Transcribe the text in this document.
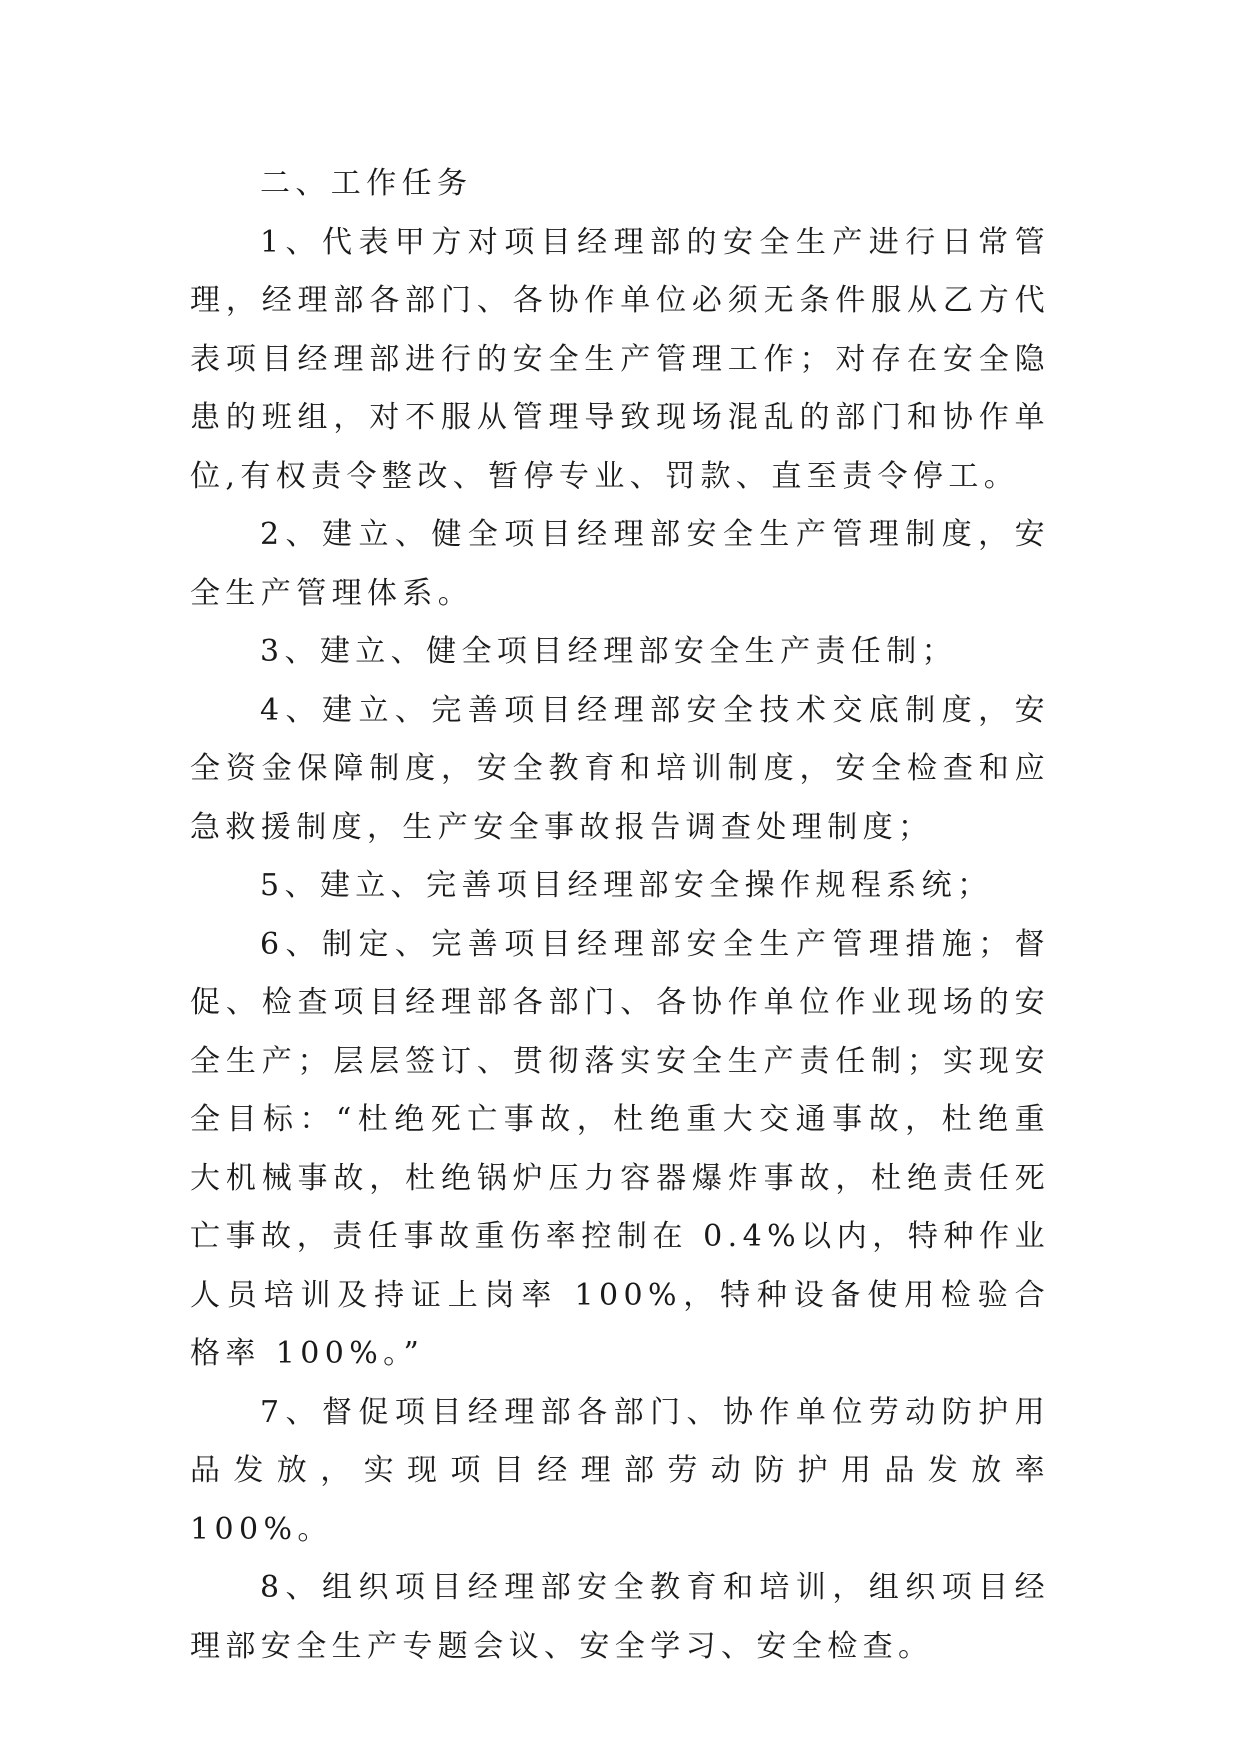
二、工作任务

1、代表甲方对项目经理部的安全生产进行日常管理，经理部各部门、各协作单位必须无条件服从乙方代表项目经理部进行的安全生产管理工作；对存在安全隐患的班组，对不服从管理导致现场混乱的部门和协作单位,有权责令整改、暂停专业、罚款、直至责令停工。

2、建立、健全项目经理部安全生产管理制度，安全生产管理体系。

3、建立、健全项目经理部安全生产责任制；

4、建立、完善项目经理部安全技术交底制度，安全资金保障制度，安全教育和培训制度，安全检查和应急救援制度，生产安全事故报告调查处理制度；

5、建立、完善项目经理部安全操作规程系统；

6、制定、完善项目经理部安全生产管理措施；督促、检查项目经理部各部门、各协作单位作业现场的安全生产；层层签订、贯彻落实安全生产责任制；实现安全目标：“杜绝死亡事故，杜绝重大交通事故，杜绝重大机械事故，杜绝锅炉压力容器爆炸事故，杜绝责任死亡事故，责任事故重伤率控制在 0.4%以内，特种作业人员培训及持证上岗率 100%，特种设备使用检验合格率 100%。”

7、督促项目经理部各部门、协作单位劳动防护用品发放，实现项目经理部劳动防护用品发放率 100%。

8、组织项目经理部安全教育和培训，组织项目经理部安全生产专题会议、安全学习、安全检查。
